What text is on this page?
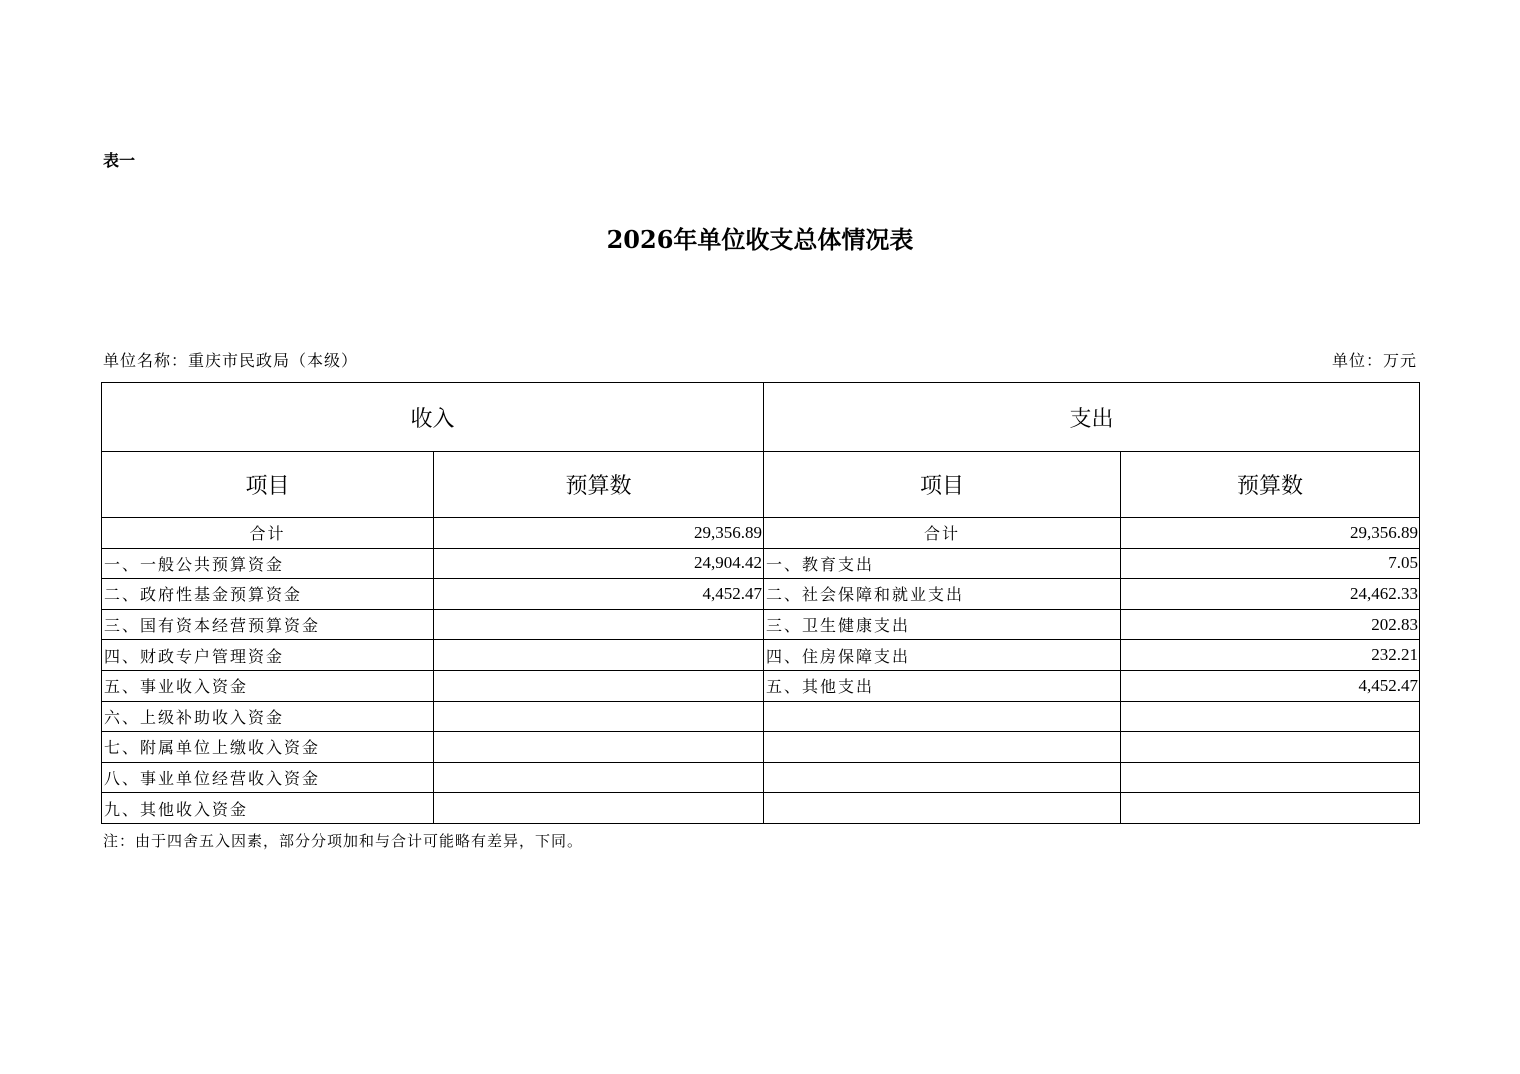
表一
2026年单位收支总体情况表
单位名称：重庆市民政局（本级）	单位：万元
收入		支出	
项目	预算数	项目	预算数
合计	29,356.89	合计	29,356.89
一、一般公共预算资金	24,904.42	一、教育支出	7.05
二、政府性基金预算资金	4,452.47	二、社会保障和就业支出	24,462.33
三、国有资本经营预算资金		三、卫生健康支出	202.83
四、财政专户管理资金		四、住房保障支出	232.21
五、事业收入资金		五、其他支出	4,452.47
六、上级补助收入资金			
七、附属单位上缴收入资金			
八、事业单位经营收入资金			
九、其他收入资金			
注：由于四舍五入因素，部分分项加和与合计可能略有差异，下同。
